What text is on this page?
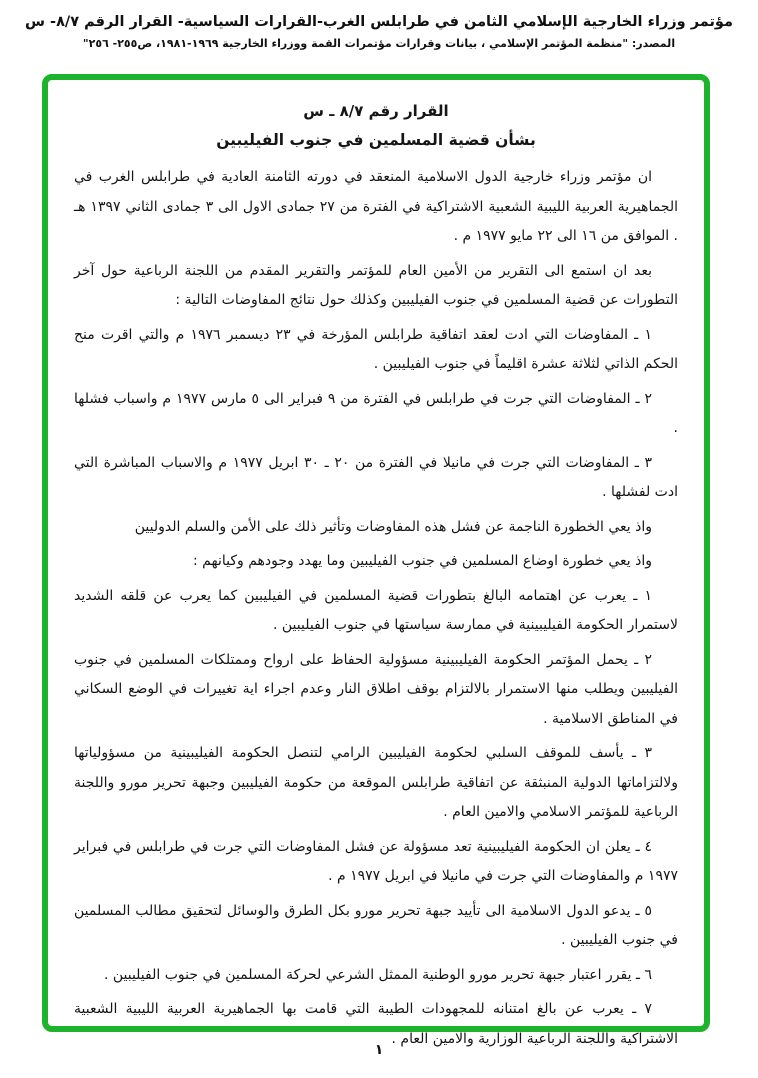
مؤتمر وزراء الخارجية الإسلامي الثامن في طرابلس الغرب-القرارات السياسية- القرار الرقم ٨/٧- س
المصدر: "منظمة المؤتمر الإسلامي ، بيانات وقرارات مؤتمرات القمة ووزراء الخارجية ١٩٦٩-١٩٨١، ص٢٥٥- ٢٥٦"
القرار رقم ٨/٧ ـ س
بشأن قضية المسلمين في جنوب الفيليبين

ان مؤتمر وزراء خارجية الدول الاسلامية المنعقد في دورته الثامنة العادية في طرابلس الغرب في الجماهيرية العربية الليبية الشعبية الاشتراكية في الفترة من ٢٧ جمادى الاول الى ٣ جمادى الثاني ١٣٩٧ هـ . الموافق من ١٦ الى ٢٢ مايو ١٩٧٧ م .

بعد ان استمع الى التقرير من الأمين العام للمؤتمر والتقرير المقدم من اللجنة الرباعية حول آخر التطورات عن قضية المسلمين في جنوب الفيليبين وكذلك حول نتائج المفاوضات التالية :

١ ـ المفاوضات التي ادت لعقد اتفاقية طرابلس المؤرخة في ٢٣ ديسمبر ١٩٧٦ م والتي اقرت منح الحكم الذاتي لثلاثة عشرة اقليماً في جنوب الفيليبين .

٢ ـ المفاوضات التي جرت في طرابلس في الفترة من ٩ فبراير الى ٥ مارس ١٩٧٧ م واسباب فشلها .

٣ ـ المفاوضات التي جرت في مانيلا في الفترة من ٢٠ ـ ٣٠ ابريل ١٩٧٧ م والاسباب المباشرة التي ادت لفشلها .

واذ يعي الخطورة الناجمة عن فشل هذه المفاوضات وتأثير ذلك على الأمن والسلم الدوليين

واذ يعي خطورة اوضاع المسلمين في جنوب الفيليبين وما يهدد وجودهم وكيانهم :

١ ـ يعرب عن اهتمامه البالغ بتطورات قضية المسلمين في الفيليبين كما يعرب عن قلقه الشديد لاستمرار الحكومة الفيليبينية في ممارسة سياستها في جنوب الفيليبين .

٢ ـ يحمل المؤتمر الحكومة الفيليبينية مسؤولية الحفاظ على ارواح وممتلكات المسلمين في جنوب الفيليبين ويطلب منها الاستمرار بالالتزام بوقف اطلاق النار وعدم اجراء اية تغييرات في الوضع السكاني في المناطق الاسلامية .

٣ ـ يأسف للموقف السلبي لحكومة الفيليبين الرامي لتنصل الحكومة الفيليبينية من مسؤولياتها ولالتزاماتها الدولية المنبثقة عن اتفاقية طرابلس الموقعة من حكومة الفيليبين وجبهة تحرير مورو واللجنة الرباعية للمؤتمر الاسلامي والامين العام .

٤ ـ يعلن ان الحكومة الفيليبينية تعد مسؤولة عن فشل المفاوضات التي جرت في طرابلس في فبراير ١٩٧٧ م والمفاوضات التي جرت في مانيلا في ابريل ١٩٧٧ م .

٥ ـ يدعو الدول الاسلامية الى تأييد جبهة تحرير مورو بكل الطرق والوسائل لتحقيق مطالب المسلمين في جنوب الفيليبين .

٦ ـ يقرر اعتبار جبهة تحرير مورو الوطنية الممثل الشرعي لحركة المسلمين في جنوب الفيليبين .

٧ ـ يعرب عن بالغ امتنانه للمجهودات الطيبة التي قامت بها الجماهيرية العربية الليبية الشعبية الاشتراكية واللجنة الرباعية الوزارية والامين العام .

١
